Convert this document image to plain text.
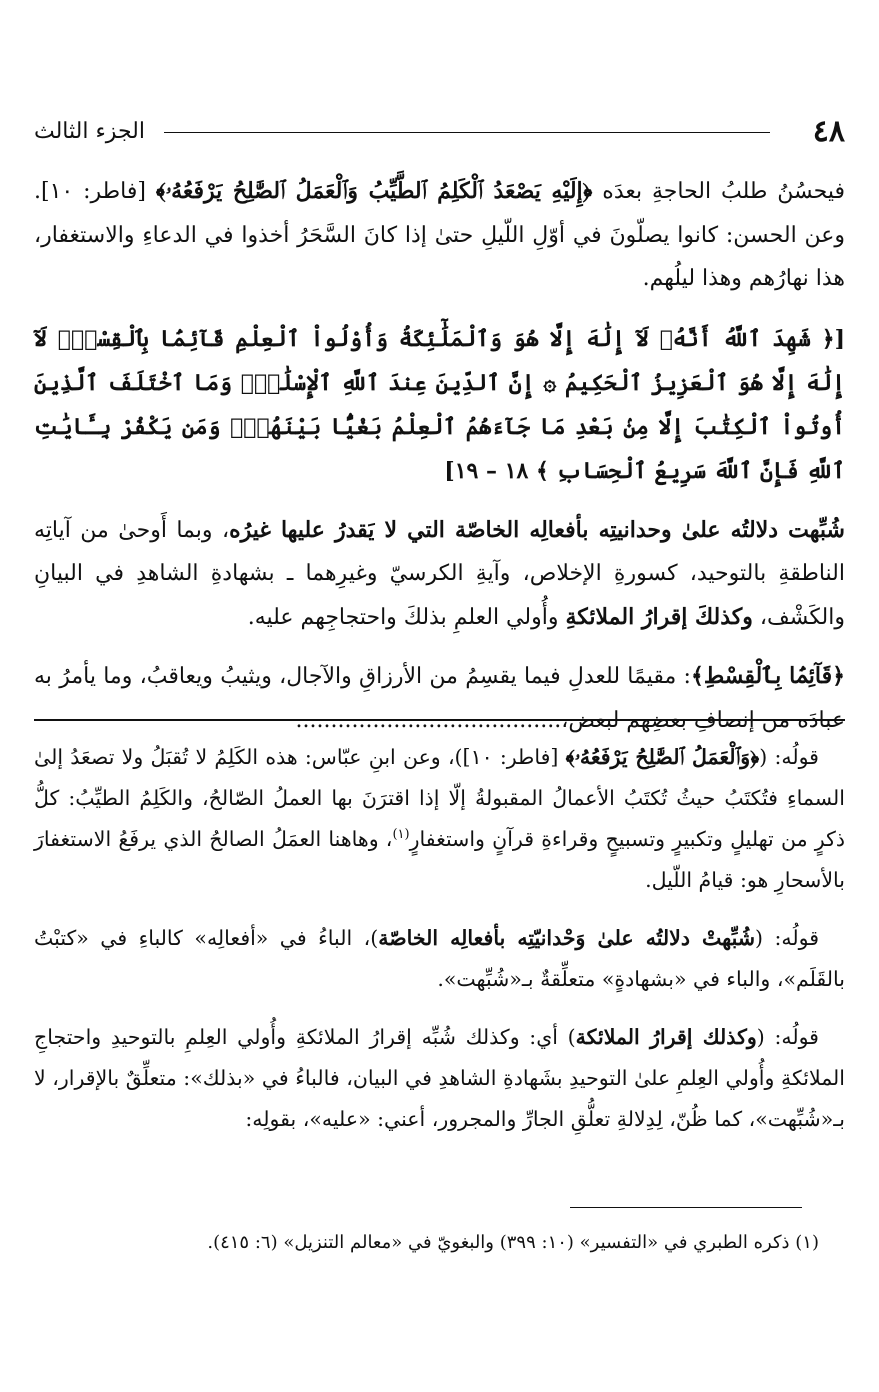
الجزء الثالث	٤٨

فيحسُنُ طلبُ الحاجةِ بعدَه ﴿إِلَيْهِ يَصْعَدُ ٱلْكَلِمُ ٱلطَّيِّبُ وَٱلْعَمَلُ ٱلصَّٰلِحُ يَرْفَعُهُۥ﴾ [فاطر: ١٠]. وعن الحسن: كانوا يصلّونَ في أوّلِ اللّيلِ حتىٰ إذا كانَ السَّحَرُ أخذوا في الدعاءِ والاستغفار، هذا نهارُهم وهذا ليلُهم.

[﴿ شَهِدَ ٱللَّهُ أَنَّهُۥ لَآ إِلَٰهَ إِلَّا هُوَ وَٱلْمَلَٰٓئِكَةُ وَأُوْلُواْ ٱلْعِلْمِ قَآئِمَۢا بِٱلْقِسْطِۚ لَآ إِلَٰهَ إِلَّا هُوَ ٱلْعَزِيزُ ٱلْحَكِيمُ ۞ إِنَّ ٱلدِّينَ عِندَ ٱللَّهِ ٱلْإِسْلَٰمُۗ وَمَا ٱخْتَلَفَ ٱلَّذِينَ أُوتُواْ ٱلْكِتَٰبَ إِلَّا مِنۢ بَعْدِ مَا جَآءَهُمُ ٱلْعِلْمُ بَغْيًۢا بَيْنَهُمْۗ وَمَن يَكْفُرْ بِـَٔايَٰتِ ٱللَّهِ فَإِنَّ ٱللَّهَ سَرِيعُ ٱلْحِسَابِ ﴾ ١٨ – ١٩]

شُبِّهت دلالتُه علىٰ وحدانيتِه بأفعالِه الخاصّة التي لا يَقدرُ عليها غيرُه، وبما أَوحىٰ من آياتِه الناطقةِ بالتوحيد، كسورةِ الإخلاص، وآيةِ الكرسيّ وغيرِهما ـ بشهادةِ الشاهدِ في البيانِ والكَشْف، وكذلكَ إقرارُ الملائكةِ وأُولي العلمِ بذلكَ واحتجاجِهم عليه.

﴿قَآئِمَۢا بِٱلْقِسْطِ﴾: مقيمًا للعدلِ فيما يقسِمُ من الأرزاقِ والآجال، ويثيبُ ويعاقبُ، وما يأمرُ به عبادَه من إنصافِ بعضِهم لبعض،......................................

قولُه: (﴿وَٱلْعَمَلُ ٱلصَّٰلِحُ يَرْفَعُهُۥ﴾ [فاطر: ١٠])، وعن ابنِ عبّاس: هذه الكَلِمُ لا تُقبَلُ ولا تصعَدُ إلىٰ السماءِ فتُكتَبُ حيثُ تُكتَبُ الأعمالُ المقبولةُ إلّا إذا اقترَنَ بها العملُ الصّالحُ، والكَلِمُ الطيِّبُ: كلُّ ذكرٍ من تهليلٍ وتكبيرٍ وتسبيحٍ وقراءةِ قرآنٍ واستغفارٍ$^{(١)}$، وهاهنا العمَلُ الصالحُ الذي يرفَعُ الاستغفارَ بالأسحارِ هو: قيامُ اللّيل.

قولُه: (شُبِّهتْ دلالتُه علىٰ وَحْدانيّتِه بأفعالِه الخاصّة)، الباءُ في «أفعالِه» كالباءِ في «كتبْتُ بالقَلَم»، والباء في «بشهادةٍ» متعلِّقةٌ بـ«شُبِّهت».

قولُه: (وكذلك إقرارُ الملائكة) أي: وكذلك شُبِّه إقرارُ الملائكةِ وأُولي العِلمِ بالتوحيدِ واحتجاجِ الملائكةِ وأُولي العِلمِ علىٰ التوحيدِ بشَهادةِ الشاهدِ في البيان، فالباءُ في «بذلك»: متعلِّقٌ بالإقرار، لا بـ«شُبِّهت»، كما ظُنّ، لِدِلالةِ تعلُّقِ الجارِّ والمجرور، أعني: «عليه»، بقولِه:

(١) ذكره الطبري في «التفسير» (١٠: ٣٩٩) والبغويّ في «معالم التنزيل» (٦: ٤١٥).
